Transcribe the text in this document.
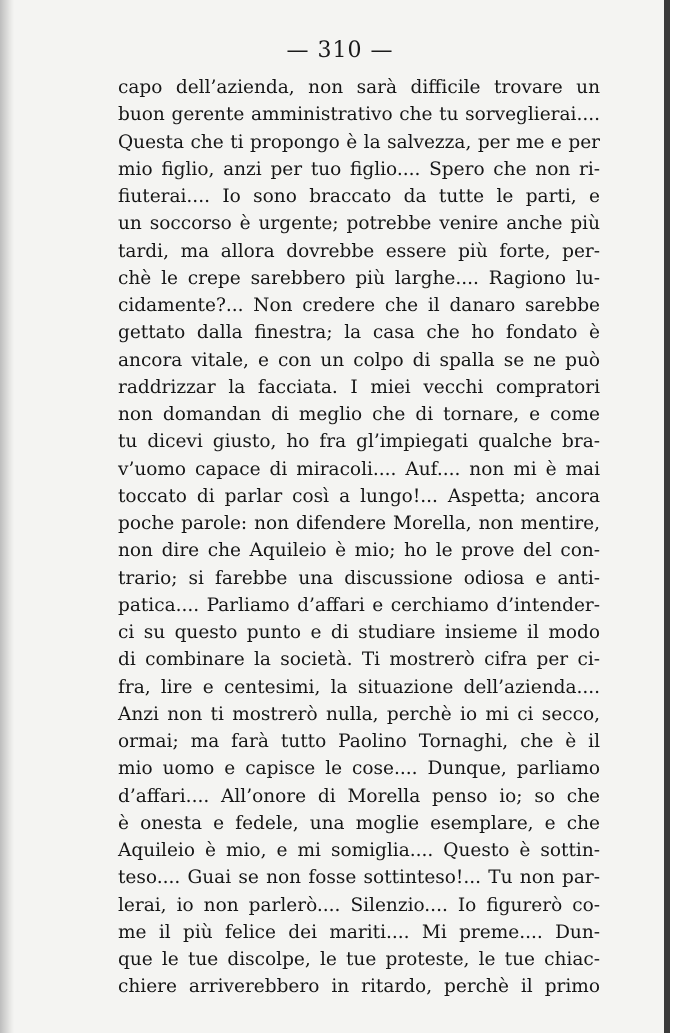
— 310 —
capo dell’azienda, non sarà difficile trovare un
buon gerente amministrativo che tu sorveglierai....
Questa che ti propongo è la salvezza, per me e per
mio figlio, anzi per tuo figlio.... Spero che non ri-
fiuterai.... Io sono braccato da tutte le parti, e
un soccorso è urgente; potrebbe venire anche più
tardi, ma allora dovrebbe essere più forte, per-
chè le crepe sarebbero più larghe.... Ragiono lu-
cidamente?... Non credere che il danaro sarebbe
gettato dalla finestra; la casa che ho fondato è
ancora vitale, e con un colpo di spalla se ne può
raddrizzar la facciata. I miei vecchi compratori
non domandan di meglio che di tornare, e come
tu dicevi giusto, ho fra gl’impiegati qualche bra-
v’uomo capace di miracoli.... Auf.... non mi è mai
toccato di parlar così a lungo!... Aspetta; ancora
poche parole: non difendere Morella, non mentire,
non dire che Aquileio è mio; ho le prove del con-
trario; si farebbe una discussione odiosa e anti-
patica.... Parliamo d’affari e cerchiamo d’intender-
ci su questo punto e di studiare insieme il modo
di combinare la società. Ti mostrerò cifra per ci-
fra, lire e centesimi, la situazione dell’azienda....
Anzi non ti mostrerò nulla, perchè io mi ci secco,
ormai; ma farà tutto Paolino Tornaghi, che è il
mio uomo e capisce le cose.... Dunque, parliamo
d’affari.... All’onore di Morella penso io; so che
è onesta e fedele, una moglie esemplare, e che
Aquileio è mio, e mi somiglia.... Questo è sottin-
teso.... Guai se non fosse sottinteso!... Tu non par-
lerai, io non parlerò.... Silenzio.... Io figurerò co-
me il più felice dei mariti.... Mi preme.... Dun-
que le tue discolpe, le tue proteste, le tue chiac-
chiere arriverebbero in ritardo, perchè il primo
